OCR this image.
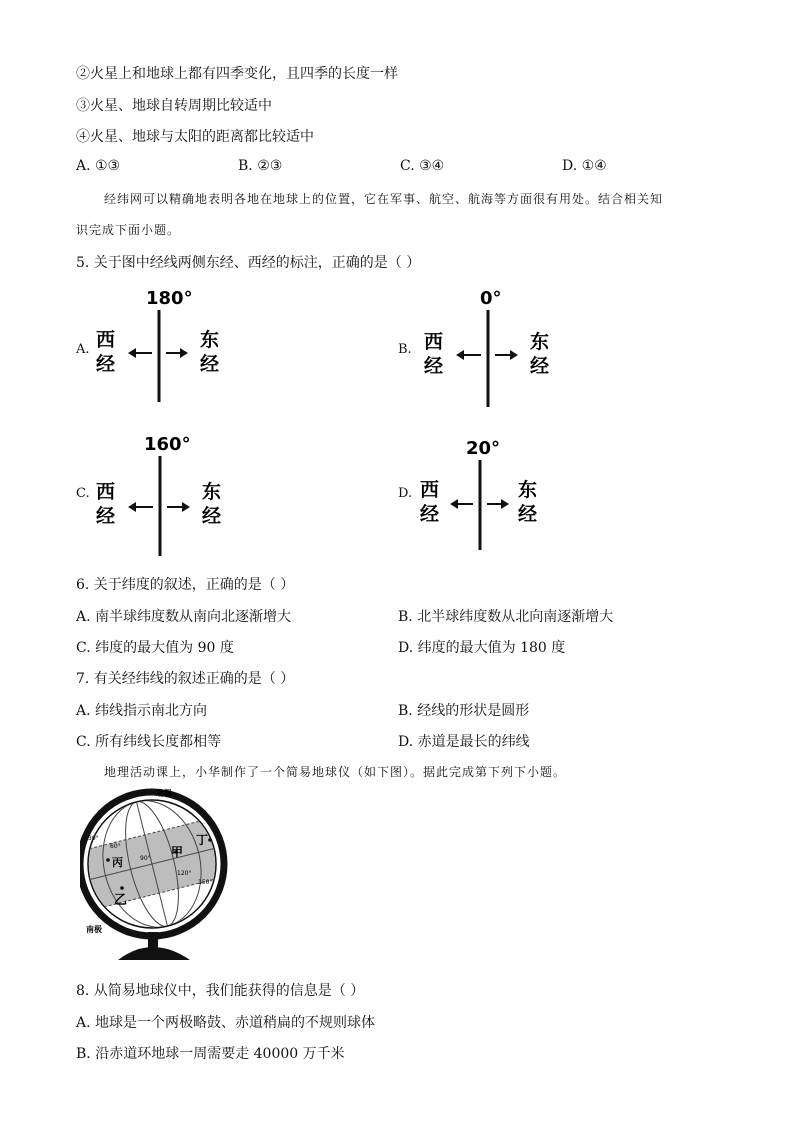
②火星上和地球上都有四季变化，且四季的长度一样
③火星、地球自转周期比较适中
④火星、地球与太阳的距离都比较适中
A. ①③	B. ②③	C. ③④	D. ①④
经纬网可以精确地表明各地在地球上的位置，它在军事、航空、航海等方面很有用处。结合相关知
识完成下面小题。
5. 关于图中经线两侧东经、西经的标注，正确的是（ ）
A.
180°
西
经
东
经
B.
0°
西
经
东
经
C.
160°
西
经
东
经
D.
20°
西
经
东
经
6. 关于纬度的叙述，正确的是（ ）
A. 南半球纬度数从南向北逐渐增大	B. 北半球纬度数从北向南逐渐增大
C. 纬度的最大值为 90 度	D. 纬度的最大值为 180 度
7. 有关经纬线的叙述正确的是（ ）
A. 纬线指示南北方向	B. 经线的形状是圆形
C. 所有纬线长度都相等	D. 赤道是最长的纬线
地理活动课上，小华制作了一个简易地球仪（如下图）。据此完成第下列下小题。
北极
南极
30°
60°
90°
120°
150°
甲
乙
丙
丁
8. 从简易地球仪中，我们能获得的信息是（ ）
A. 地球是一个两极略鼓、赤道稍扁的不规则球体
B. 沿赤道环地球一周需要走 40000 万千米
